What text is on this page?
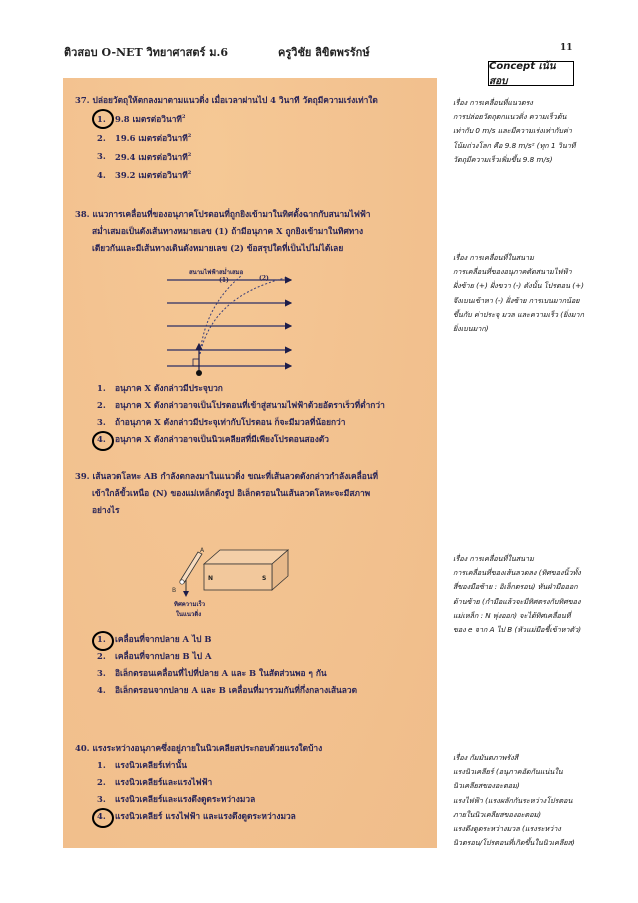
ติวสอบ O-NET วิทยาศาสตร์ ม.6	ครูวิชัย ลิขิตพรรักษ์	11
Concept เน้นสอบ
37. ปล่อยวัตถุให้ตกลงมาตามแนวดิ่ง เมื่อเวลาผ่านไป 4 วินาที วัตถุมีความเร่งเท่าใด
1. 9.8 เมตรต่อวินาที$^2$
2. 19.6 เมตรต่อวินาที$^2$
3. 29.4 เมตรต่อวินาที$^2$
4. 39.2 เมตรต่อวินาที$^2$
38. แนวการเคลื่อนที่ของอนุภาคโปรตอนที่ถูกยิงเข้ามาในทิศตั้งฉากกับสนามไฟฟ้า
สม่ำเสมอเป็นดังเส้นทางหมายเลข (1) ถ้ามีอนุภาค X ถูกยิงเข้ามาในทิศทาง
เดียวกันและมีเส้นทางเดินดังหมายเลข (2) ข้อสรุปใดที่เป็นไปไม่ได้เลย
สนามไฟฟ้าสม่ำเสมอ
(1)	(2)
1. อนุภาค X ดังกล่าวมีประจุบวก
2. อนุภาค X ดังกล่าวอาจเป็นโปรตอนที่เข้าสู่สนามไฟฟ้าด้วยอัตราเร็วที่ต่ำกว่า
3. ถ้าอนุภาค X ดังกล่าวมีประจุเท่ากับโปรตอน ก็จะมีมวลที่น้อยกว่า
4. อนุภาค X ดังกล่าวอาจเป็นนิวเคลียสที่มีเพียงโปรตอนสองตัว
39. เส้นลวดโลหะ AB กำลังตกลงมาในแนวดิ่ง ขณะที่เส้นลวดดังกล่าวกำลังเคลื่อนที่
เข้าใกล้ขั้วเหนือ (N) ของแม่เหล็กดังรูป อิเล็กตรอนในเส้นลวดโลหะจะมีสภาพ
อย่างไร
A
B
N	S
ทิศความเร็ว
ในแนวดิ่ง
1. เคลื่อนที่จากปลาย A ไป B
2. เคลื่อนที่จากปลาย B ไป A
3. อิเล็กตรอนเคลื่อนที่ไปที่ปลาย A และ B ในสัดส่วนพอ ๆ กัน
4. อิเล็กตรอนจากปลาย A และ B เคลื่อนที่มารวมกันที่กึ่งกลางเส้นลวด
40. แรงระหว่างอนุภาคซึ่งอยู่ภายในนิวเคลียสประกอบด้วยแรงใดบ้าง
1. แรงนิวเคลียร์เท่านั้น
2. แรงนิวเคลียร์และแรงไฟฟ้า
3. แรงนิวเคลียร์และแรงดึงดูดระหว่างมวล
4. แรงนิวเคลียร์ แรงไฟฟ้า และแรงดึงดูดระหว่างมวล
เรื่อง การเคลื่อนที่แนวตรง
การปล่อยวัตถุตกแนวดิ่ง ความเร็วต้น
เท่ากับ 0 m/s และมีความเร่งเท่ากับค่า
โน้มถ่วงโลก คือ 9.8 m/s² (ทุก 1 วินาที
วัตถุมีความเร็วเพิ่มขึ้น 9.8 m/s)
เรื่อง การเคลื่อนที่ในสนาม
การเคลื่อนที่ของอนุภาคตัดสนามไฟฟ้า
ฝั่งซ้าย (+) ฝั่งขวา (-) ดังนั้น โปรตอน (+)
จึงเบนเข้าหา (-) ฝั่งซ้าย การเบนมากน้อย
ขึ้นกับ ค่าประจุ มวล และความเร็ว (ยิ่งมาก
ยิ่งเบนมาก)
เรื่อง การเคลื่อนที่ในสนาม
การเคลื่อนที่ของเส้นลวดลง (ทิศของนิ้วทั้ง
สี่ของมือซ้าย : อิเล็กตรอน) หันฝ่ามือออก
ด้านซ้าย (กำมือแล้วจะมีทิศตรงกับทิศของ
แม่เหล็ก : N พุ่งออก) จะได้ทิศเคลื่อนที่
ของ e จาก A ไป B (หัวแม่มือชี้เข้าหาตัว)
เรื่อง กัมมันตภาพรังสี
แรงนิวเคลียร์ (อนุภาคอัดกันแน่นใน
นิวเคลียสของอะตอม)
แรงไฟฟ้า (แรงผลักกันระหว่างโปรตอน
ภายในนิวเคลียสของอะตอม)
แรงดึงดูดระหว่างมวล (แรงระหว่าง
นิวตรอน/โปรตอนที่เกิดขึ้นในนิวเคลียส)
